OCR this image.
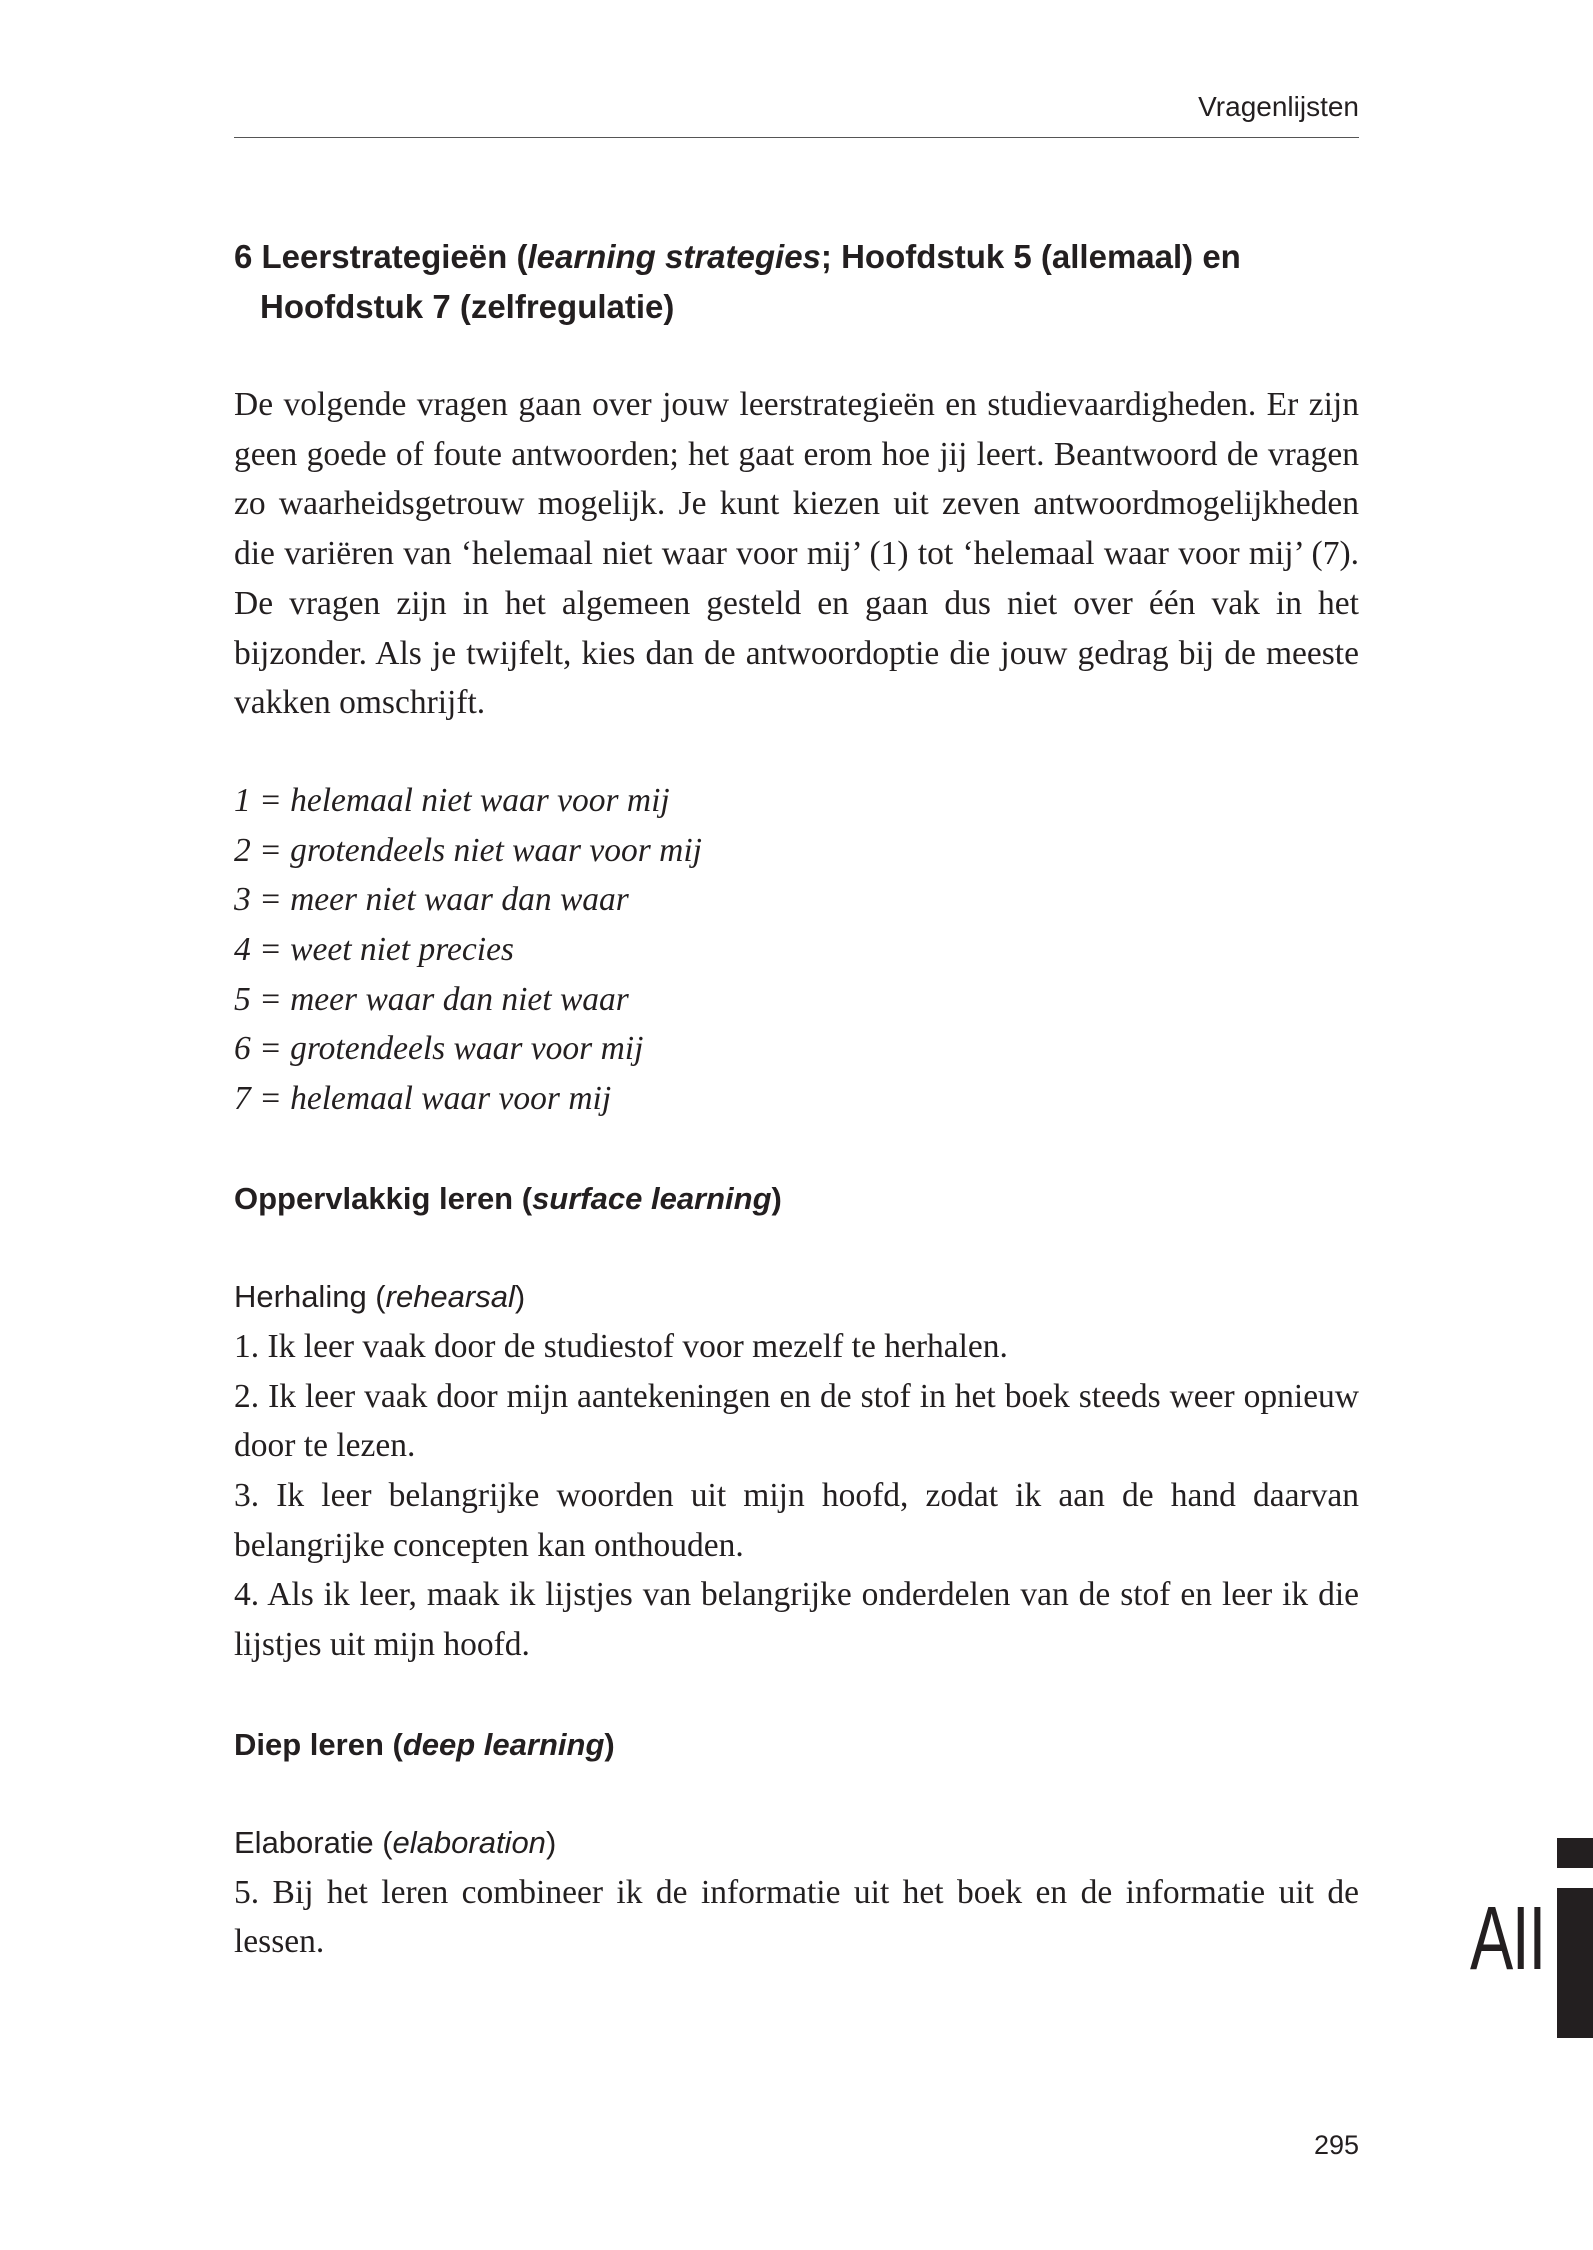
Vragenlijsten
6 Leerstrategieën (learning strategies; Hoofdstuk 5 (allemaal) en Hoofdstuk 7 (zelfregulatie)

De volgende vragen gaan over jouw leerstrategieën en studievaardigheden. Er zijn geen goede of foute antwoorden; het gaat erom hoe jij leert. Beantwoord de vragen zo waarheidsgetrouw mogelijk. Je kunt kiezen uit zeven antwoordmogelijkheden die variëren van ‘helemaal niet waar voor mij’ (1) tot ‘helemaal waar voor mij’ (7). De vragen zijn in het algemeen gesteld en gaan dus niet over één vak in het bijzonder. Als je twijfelt, kies dan de antwoordoptie die jouw gedrag bij de meeste vakken omschrijft.

1 = helemaal niet waar voor mij
2 = grotendeels niet waar voor mij
3 = meer niet waar dan waar
4 = weet niet precies
5 = meer waar dan niet waar
6 = grotendeels waar voor mij
7 = helemaal waar voor mij
Oppervlakkig leren (surface learning)
Herhaling (rehearsal)

1. Ik leer vaak door de studiestof voor mezelf te herhalen.

2. Ik leer vaak door mijn aantekeningen en de stof in het boek steeds weer opnieuw door te lezen.

3. Ik leer belangrijke woorden uit mijn hoofd, zodat ik aan de hand daarvan belangrijke concepten kan onthouden.

4. Als ik leer, maak ik lijstjes van belangrijke onderdelen van de stof en leer ik die lijstjes uit mijn hoofd.

Diep leren (deep learning)
Elaboratie (elaboration)

5. Bij het leren combineer ik de informatie uit het boek en de informatie uit de lessen.	AII
295
